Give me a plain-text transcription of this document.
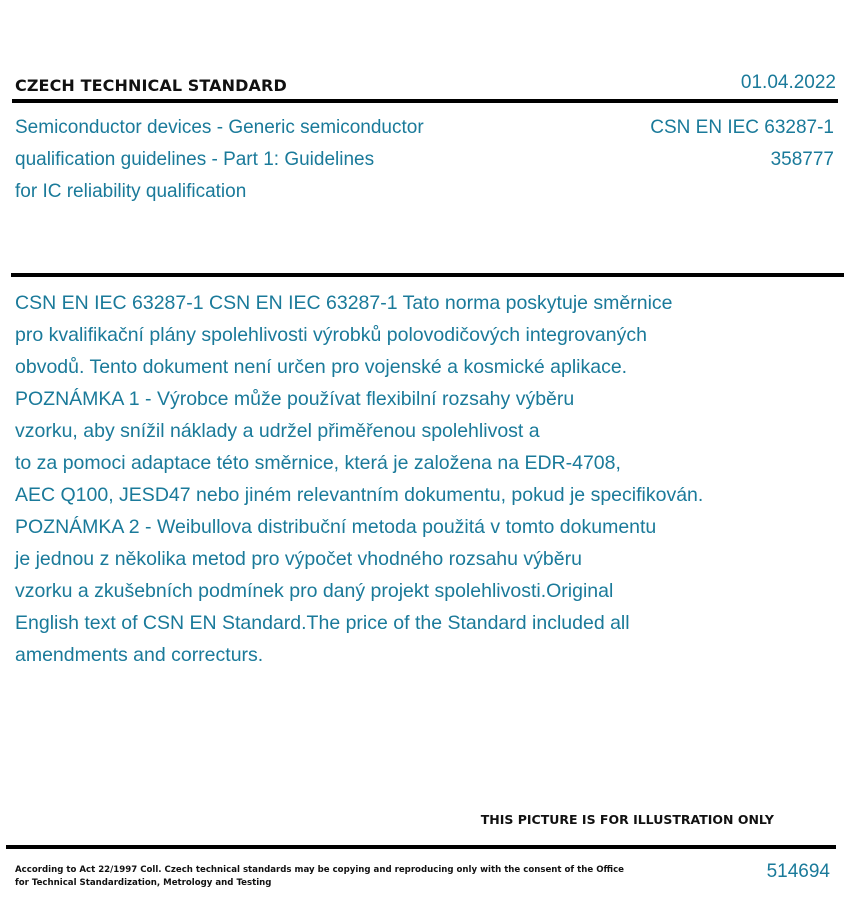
CZECH TECHNICAL STANDARD	01.04.2022
Semiconductor devices - Generic semiconductor
qualification guidelines - Part 1: Guidelines
for IC reliability qualification
CSN EN IEC 63287-1
358777
CSN EN IEC 63287-1 CSN EN IEC 63287-1 Tato norma poskytuje směrnice
pro kvalifikační plány spolehlivosti výrobků polovodičových integrovaných
obvodů. Tento dokument není určen pro vojenské a kosmické aplikace.
POZNÁMKA 1 - Výrobce může používat flexibilní rozsahy výběru
vzorku, aby snížil náklady a udržel přiměřenou spolehlivost a
to za pomoci adaptace této směrnice, která je založena na EDR-4708,
AEC Q100, JESD47 nebo jiném relevantním dokumentu, pokud je specifikován.
POZNÁMKA 2 - Weibullova distribuční metoda použitá v tomto dokumentu
je jednou z několika metod pro výpočet vhodného rozsahu výběru
vzorku a zkušebních podmínek pro daný projekt spolehlivosti.Original
English text of CSN EN Standard.The price of the Standard included all
amendments and correcturs.
THIS PICTURE IS FOR ILLUSTRATION ONLY
According to Act 22/1997 Coll. Czech technical standards may be copying and reproducing only with the consent of the Office
for Technical Standardization, Metrology and Testing
514694
